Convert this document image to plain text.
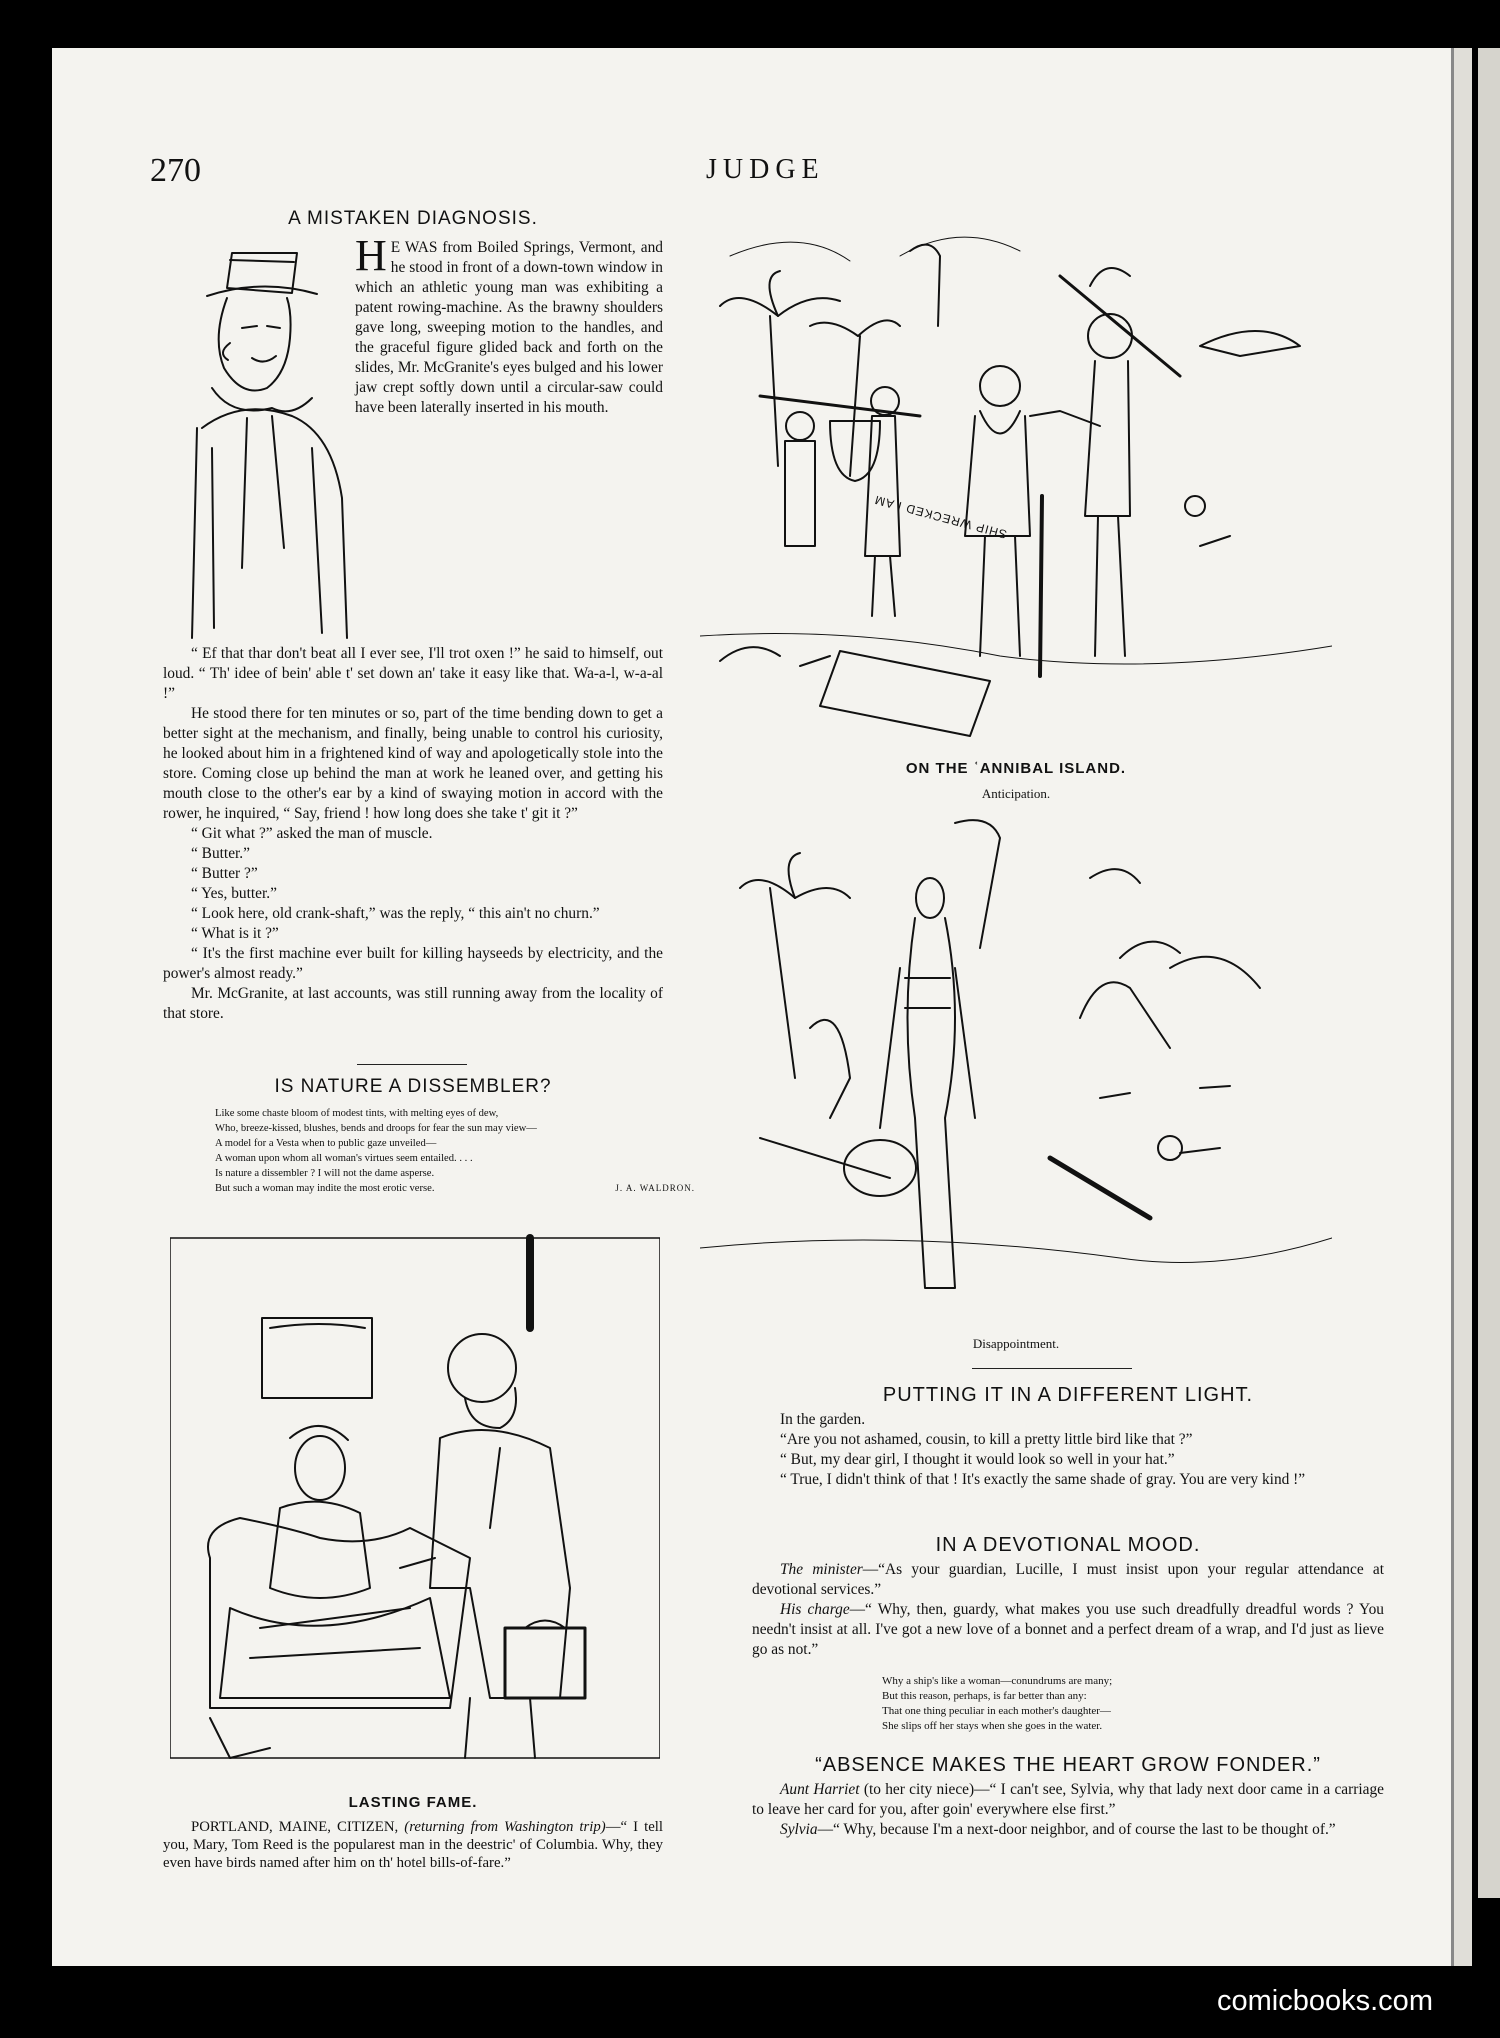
270	JUDGE
A MISTAKEN DIAGNOSIS.

H E WAS from Boiled Springs, Vermont, and he stood in front of a down-town window in which an athletic young man was exhibiting a patent rowing-machine. As the brawny shoulders gave long, sweeping motion to the handles, and the graceful figure glided back and forth on the slides, Mr. McGranite's eyes bulged and his lower jaw crept softly down until a circular-saw could have been laterally inserted in his mouth.

“ Ef that thar don't beat all I ever see, I'll trot oxen !” he said to himself, out loud. “ Th' idee of bein' able t' set down an' take it easy like that. Wa-a-l, w-a-al !”

He stood there for ten minutes or so, part of the time bending down to get a better sight at the mechanism, and finally, being unable to control his curiosity, he looked about him in a frightened kind of way and apologetically stole into the store. Coming close up behind the man at work he leaned over, and getting his mouth close to the other's ear by a kind of swaying motion in accord with the rower, he inquired, “ Say, friend ! how long does she take t' git it ?”

“ Git what ?” asked the man of muscle.

“ Butter.”

“ Butter ?”

“ Yes, butter.”

“ Look here, old crank-shaft,” was the reply, “ this ain't no churn.”

“ What is it ?”

“ It's the first machine ever built for killing hayseeds by electricity, and the power's almost ready.”

Mr. McGranite, at last accounts, was still running away from the locality of that store.

IS NATURE A DISSEMBLER?
Like some chaste bloom of modest tints, with melting eyes of dew,
Who, breeze-kissed, blushes, bends and droops for fear the sun may view—
A model for a Vesta when to public gaze unveiled—
A woman upon whom all woman's virtues seem entailed. . . .
Is nature a dissembler ? I will not the dame asperse.
But such a woman may indite the most erotic verse.	J. A. WALDRON.
LASTING FAME.

PORTLAND, MAINE, CITIZEN, (returning from Washington trip)—“ I tell you, Mary, Tom Reed is the popularest man in the deestric' of Columbia. Why, they even have birds named after him on th' hotel bills-of-fare.”

SHIP WRECKED I AM
ON THE ʿANNIBAL ISLAND.
Anticipation.
Disappointment.
PUTTING IT IN A DIFFERENT LIGHT.

In the garden.

“Are you not ashamed, cousin, to kill a pretty little bird like that ?”

“ But, my dear girl, I thought it would look so well in your hat.”

“ True, I didn't think of that ! It's exactly the same shade of gray. You are very kind !”

IN A DEVOTIONAL MOOD.

The minister—“As your guardian, Lucille, I must insist upon your regular attendance at devotional services.”

His charge—“ Why, then, guardy, what makes you use such dreadfully dreadful words ? You needn't insist at all. I've got a new love of a bonnet and a perfect dream of a wrap, and I'd just as lieve go as not.”

Why a ship's like a woman—conundrums are many;
But this reason, perhaps, is far better than any:
That one thing peculiar in each mother's daughter—
She slips off her stays when she goes in the water.
“ABSENCE MAKES THE HEART GROW FONDER.”

Aunt Harriet (to her city niece)—“ I can't see, Sylvia, why that lady next door came in a carriage to leave her card for you, after goin' everywhere else first.”

Sylvia—“ Why, because I'm a next-door neighbor, and of course the last to be thought of.”

comicbooks.com
